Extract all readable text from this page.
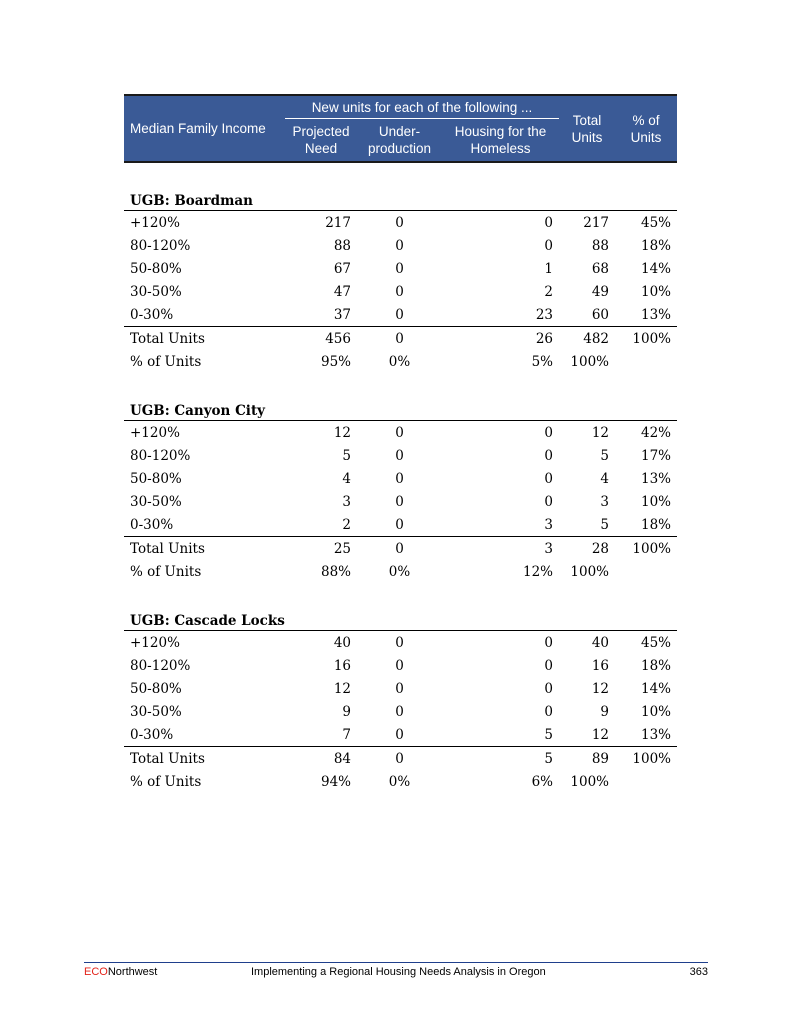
Median Family Income	New units for each of the following ...			Total Units	% of Units
	Projected Need	Under-production	Housing for the Homeless		

UGB: Boardman					
+120%	217	0	0	217	45%
80-120%	88	0	0	88	18%
50-80%	67	0	1	68	14%
30-50%	47	0	2	49	10%
0-30%	37	0	23	60	13%
Total Units	456	0	26	482	100%
% of Units	95%	0%	5%	100%	

UGB: Canyon City					
+120%	12	0	0	12	42%
80-120%	5	0	0	5	17%
50-80%	4	0	0	4	13%
30-50%	3	0	0	3	10%
0-30%	2	0	3	5	18%
Total Units	25	0	3	28	100%
% of Units	88%	0%	12%	100%	

UGB: Cascade Locks					
+120%	40	0	0	40	45%
80-120%	16	0	0	16	18%
50-80%	12	0	0	12	14%
30-50%	9	0	0	9	10%
0-30%	7	0	5	12	13%
Total Units	84	0	5	89	100%
% of Units	94%	0%	6%	100%	
ECONorthwest	Implementing a Regional Housing Needs Analysis in Oregon	363
